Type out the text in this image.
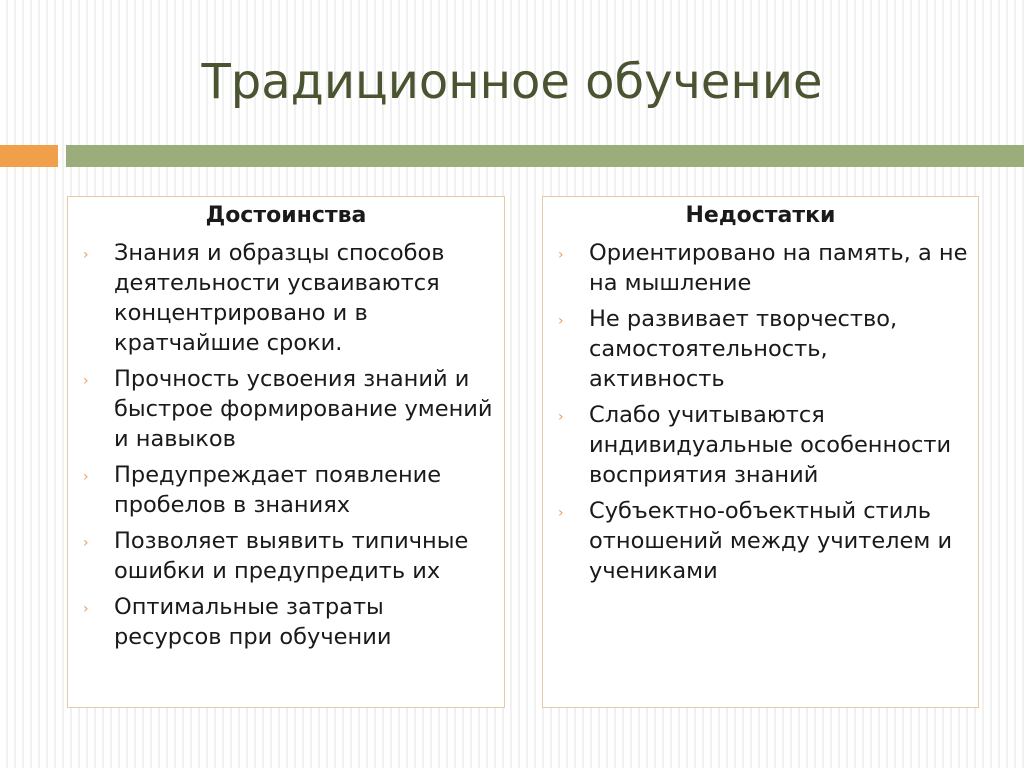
Традиционное обучение
Достоинства
› Знания и образцы способов деятельности усваиваются концентрировано и в кратчайшие сроки.
› Прочность усвоения знаний и быстрое формирование умений и навыков
› Предупреждает появление пробелов в знаниях
› Позволяет выявить типичные ошибки и предупредить их
› Оптимальные затраты ресурсов при обучении
Недостатки
› Ориентировано на память, а не на мышление
› Не развивает творчество, самостоятельность, активность
› Слабо учитываются индивидуальные особенности восприятия знаний
› Субъектно-объектный стиль отношений между учителем и учениками
